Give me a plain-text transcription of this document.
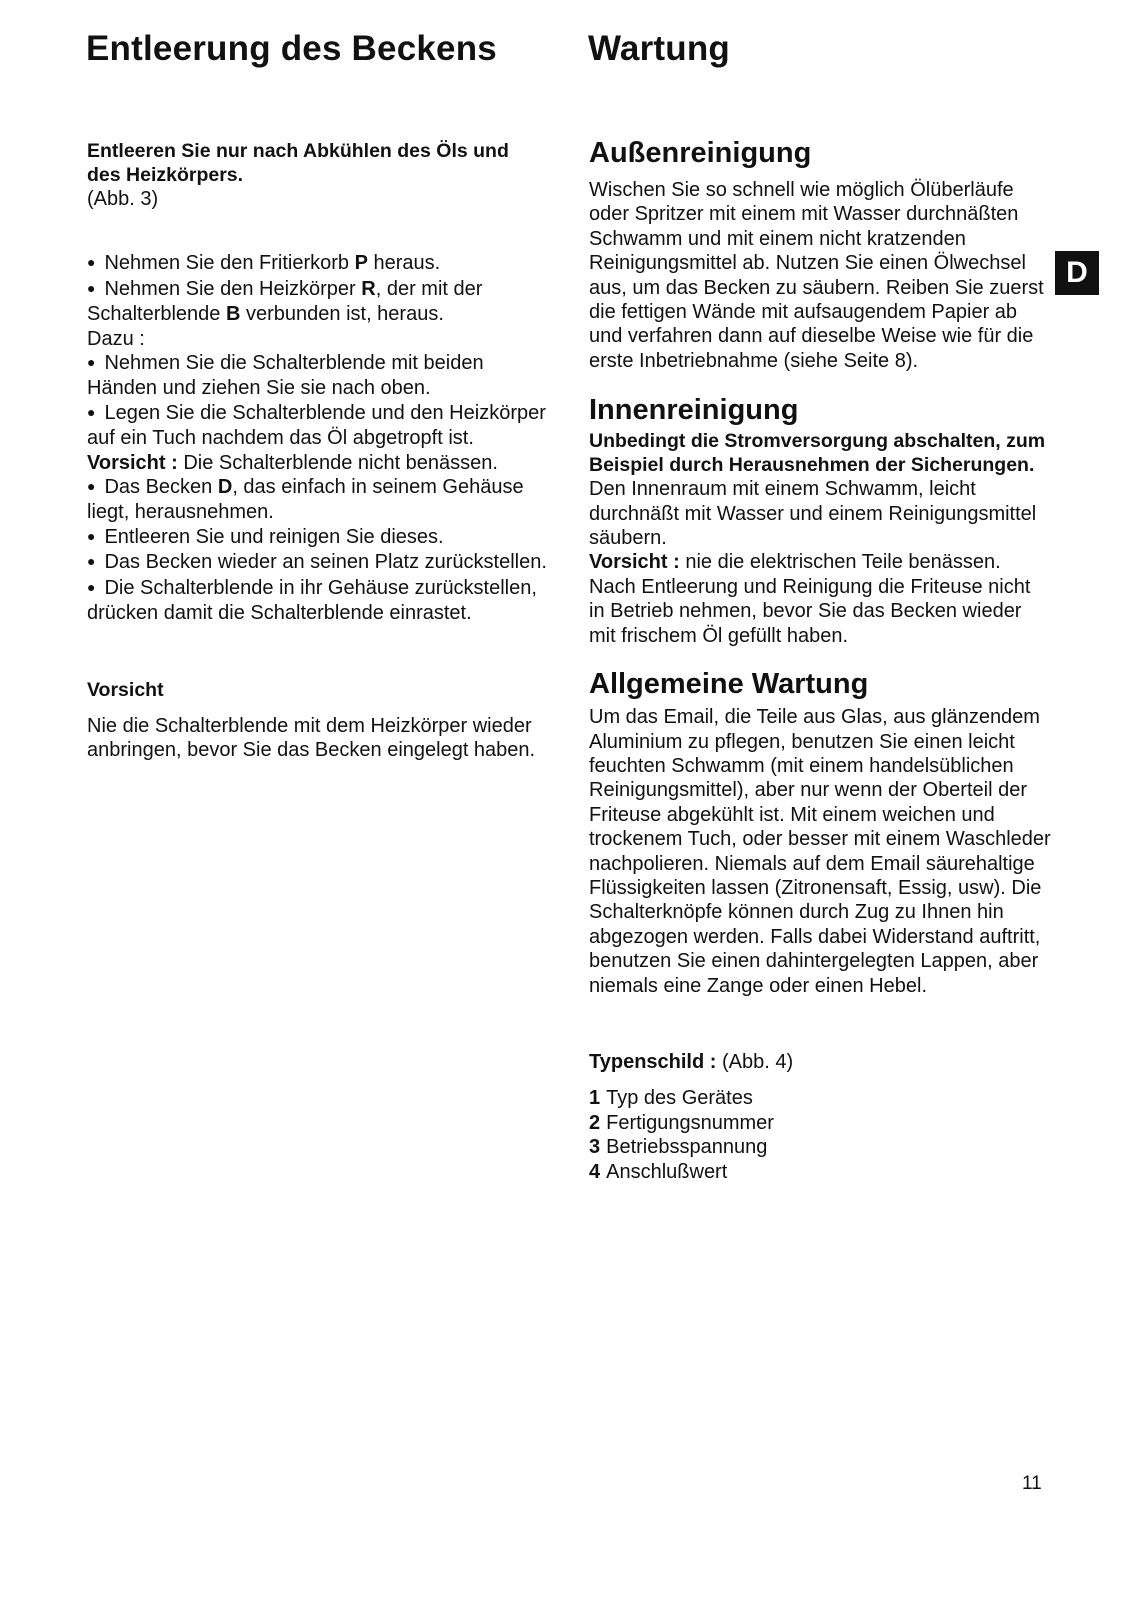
Entleerung des Beckens	Wartung
D

Entleeren Sie nur nach Abkühlen des Öls und des Heizkörpers.

(Abb. 3)

● Nehmen Sie den Fritierkorb P heraus.

● Nehmen Sie den Heizkörper R, der mit der Schalterblende B verbunden ist, heraus.

Dazu :

● Nehmen Sie die Schalterblende mit beiden Händen und ziehen Sie sie nach oben.

● Legen Sie die Schalterblende und den Heizkörper auf ein Tuch nachdem das Öl abgetropft ist.

Vorsicht : Die Schalterblende nicht benässen.

● Das Becken D, das einfach in seinem Gehäuse liegt, herausnehmen.

● Entleeren Sie und reinigen Sie dieses.

● Das Becken wieder an seinen Platz zurückstellen.

● Die Schalterblende in ihr Gehäuse zurückstellen, drücken damit die Schalterblende einrastet.

Vorsicht

Nie die Schalterblende mit dem Heizkörper wieder anbringen, bevor Sie das Becken eingelegt haben.

Außenreinigung

Wischen Sie so schnell wie möglich Ölüberläufe oder Spritzer mit einem mit Wasser durchnäßten Schwamm und mit einem nicht kratzenden Reinigungsmittel ab. Nutzen Sie einen Ölwechsel aus, um das Becken zu säubern. Reiben Sie zuerst die fettigen Wände mit aufsaugendem Papier ab und verfahren dann auf dieselbe Weise wie für die erste Inbetriebnahme (siehe Seite 8).

Innenreinigung

Unbedingt die Stromversorgung abschalten, zum Beispiel durch Herausnehmen der Sicherungen.

Den Innenraum mit einem Schwamm, leicht durchnäßt mit Wasser und einem Reinigungsmittel säubern.

Vorsicht : nie die elektrischen Teile benässen.

Nach Entleerung und Reinigung die Friteuse nicht in Betrieb nehmen, bevor Sie das Becken wieder mit frischem Öl gefüllt haben.

Allgemeine Wartung

Um das Email, die Teile aus Glas, aus glänzendem Aluminium zu pflegen, benutzen Sie einen leicht feuchten Schwamm (mit einem handelsüblichen Reinigungsmittel), aber nur wenn der Oberteil der Friteuse abgekühlt ist. Mit einem weichen und trockenem Tuch, oder besser mit einem Waschleder nachpolieren. Niemals auf dem Email säurehaltige Flüssigkeiten lassen (Zitronensaft, Essig, usw). Die Schalterknöpfe können durch Zug zu Ihnen hin abgezogen werden. Falls dabei Widerstand auftritt, benutzen Sie einen dahintergelegten Lappen, aber niemals eine Zange oder einen Hebel.

Typenschild : (Abb. 4)

1 Typ des Gerätes

2 Fertigungsnummer

3 Betriebsspannung

4 Anschlußwert

11
